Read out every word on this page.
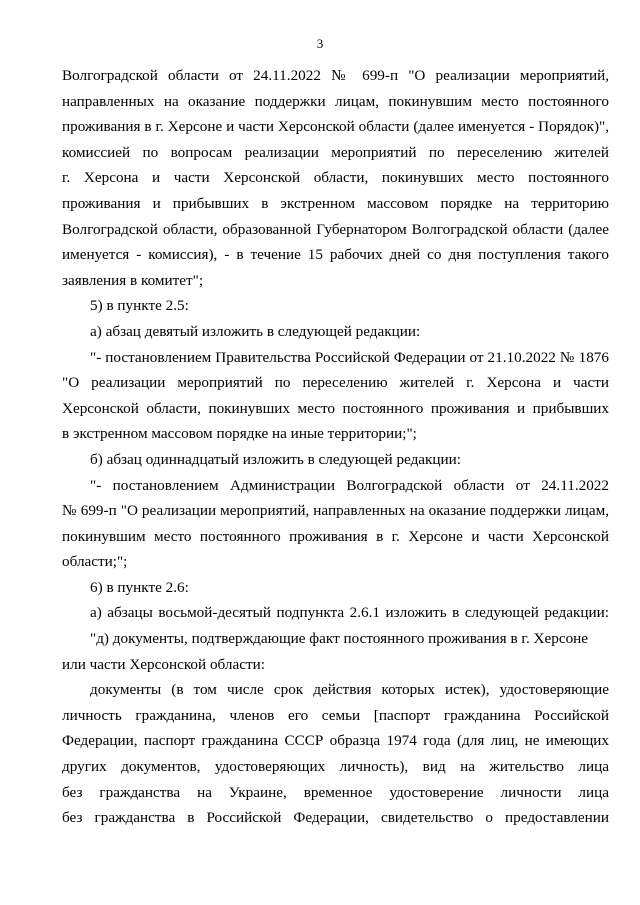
3
Волгоградской области от 24.11.2022 № 699-п "О реализации мероприятий,
направленных на оказание поддержки лицам, покинувшим место постоянного
проживания в г. Херсоне и части Херсонской области (далее именуется - Порядок)",
комиссией по вопросам реализации мероприятий по переселению жителей
г. Херсона и части Херсонской области, покинувших место постоянного
проживания и прибывших в экстренном массовом порядке на территорию
Волгоградской области, образованной Губернатором Волгоградской области (далее
именуется - комиссия), - в течение 15 рабочих дней со дня поступления такого
заявления в комитет";
5) в пункте 2.5:
а) абзац девятый изложить в следующей редакции:
"- постановлением Правительства Российской Федерации от 21.10.2022 № 1876
"О реализации мероприятий по переселению жителей г. Херсона и части
Херсонской области, покинувших место постоянного проживания и прибывших
в экстренном массовом порядке на иные территории;";
б) абзац одиннадцатый изложить в следующей редакции:
"- постановлением Администрации Волгоградской области от 24.11.2022
№ 699-п "О реализации мероприятий, направленных на оказание поддержки лицам,
покинувшим место постоянного проживания в г. Херсоне и части Херсонской
области;";
6) в пункте 2.6:
а) абзацы восьмой-десятый подпункта 2.6.1 изложить в следующей редакции:
"д) документы, подтверждающие факт постоянного проживания в г. Херсоне
или части Херсонской области:
документы (в том числе срок действия которых истек), удостоверяющие
личность гражданина, членов его семьи [паспорт гражданина Российской
Федерации, паспорт гражданина СССР образца 1974 года (для лиц, не имеющих
других документов, удостоверяющих личность), вид на жительство лица
без гражданства на Украине, временное удостоверение личности лица
без гражданства в Российской Федерации, свидетельство о предоставлении
